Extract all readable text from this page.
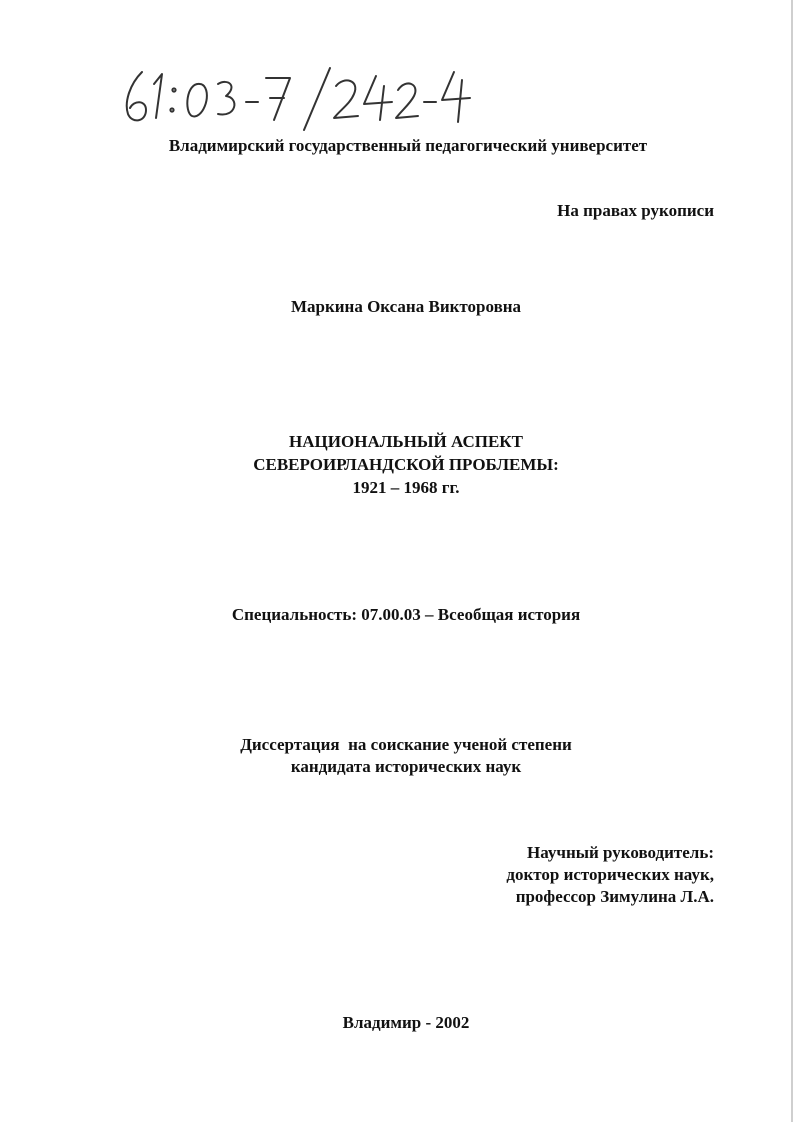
Владимирский государственный педагогический университет
На правах рукописи
Маркина Оксана Викторовна
НАЦИОНАЛЬНЫЙ АСПЕКТ
СЕВЕРОИРЛАНДСКОЙ ПРОБЛЕМЫ:
1921 – 1968 гг.
Специальность: 07.00.03 – Всеобщая история
Диссертация  на соискание ученой степени
кандидата исторических наук
Научный руководитель:
доктор исторических наук,
профессор Зимулина Л.А.
Владимир - 2002
